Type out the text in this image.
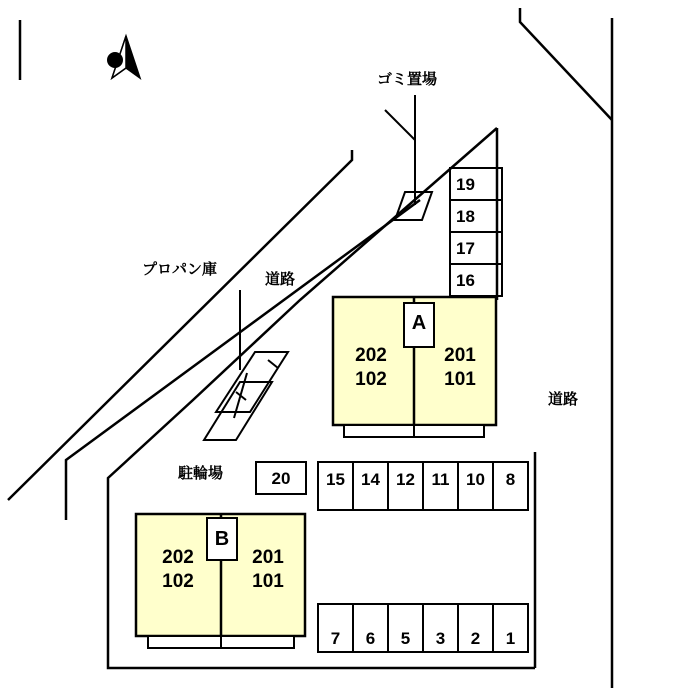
ゴミ置場
プロパン庫
道路
道路
駐輪場
A
202
102
201
101
B
202
102
201
101
19
18
17
16
20	15 14 12 11 10	8
7	6	5	3	2	1
